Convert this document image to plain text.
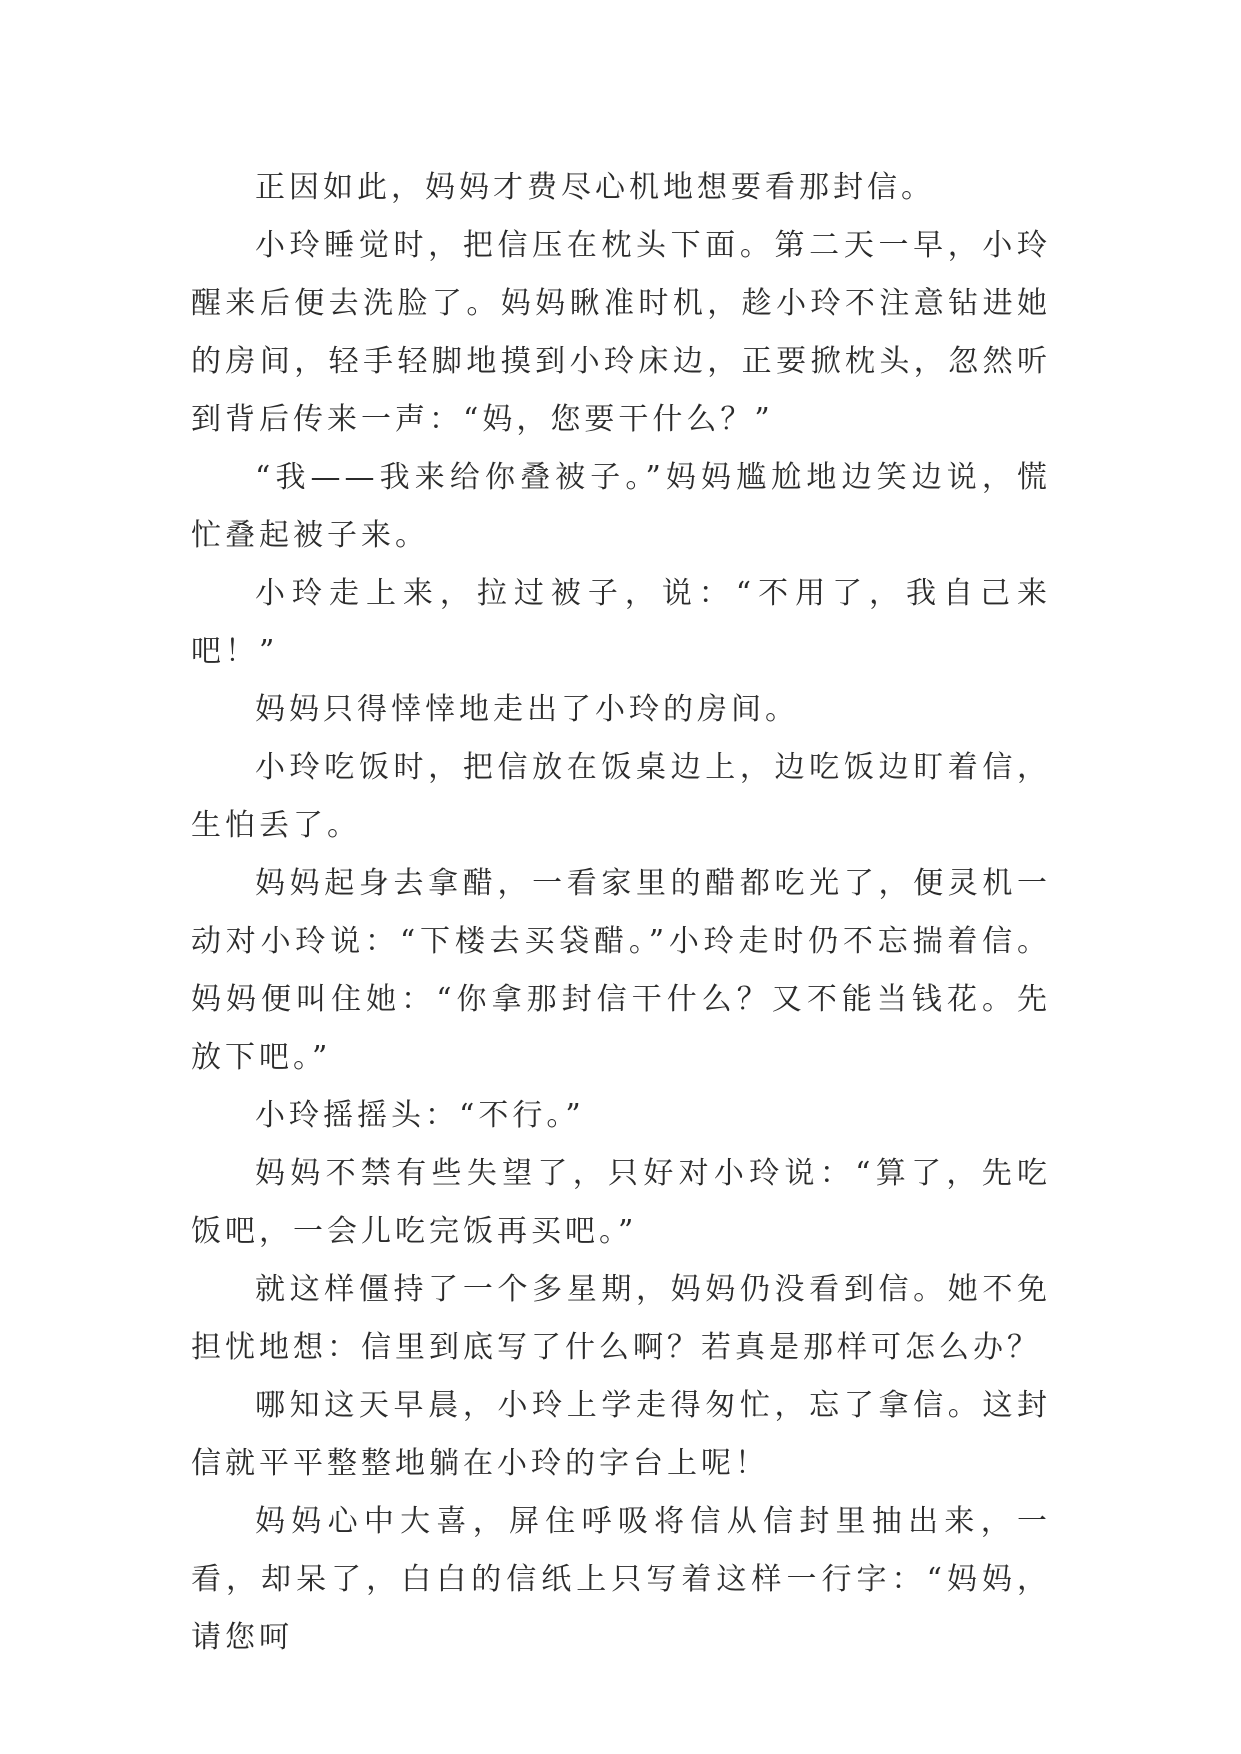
正因如此，妈妈才费尽心机地想要看那封信。

小玲睡觉时，把信压在枕头下面。第二天一早，小玲醒来后便去洗脸了。妈妈瞅准时机，趁小玲不注意钻进她的房间，轻手轻脚地摸到小玲床边，正要掀枕头，忽然听到背后传来一声：“妈，您要干什么？”

“我——我来给你叠被子。”妈妈尴尬地边笑边说，慌忙叠起被子来。

小玲走上来，拉过被子，说：“不用了，我自己来吧！”

妈妈只得悻悻地走出了小玲的房间。

小玲吃饭时，把信放在饭桌边上，边吃饭边盯着信，生怕丢了。

妈妈起身去拿醋，一看家里的醋都吃光了，便灵机一动对小玲说：“下楼去买袋醋。”小玲走时仍不忘揣着信。妈妈便叫住她：“你拿那封信干什么？又不能当钱花。先放下吧。”

小玲摇摇头：“不行。”

妈妈不禁有些失望了，只好对小玲说：“算了，先吃饭吧，一会儿吃完饭再买吧。”

就这样僵持了一个多星期，妈妈仍没看到信。她不免担忧地想：信里到底写了什么啊？若真是那样可怎么办？

哪知这天早晨，小玲上学走得匆忙，忘了拿信。这封信就平平整整地躺在小玲的字台上呢！

妈妈心中大喜，屏住呼吸将信从信封里抽出来，一看，却呆了，白白的信纸上只写着这样一行字：“妈妈，请您呵
